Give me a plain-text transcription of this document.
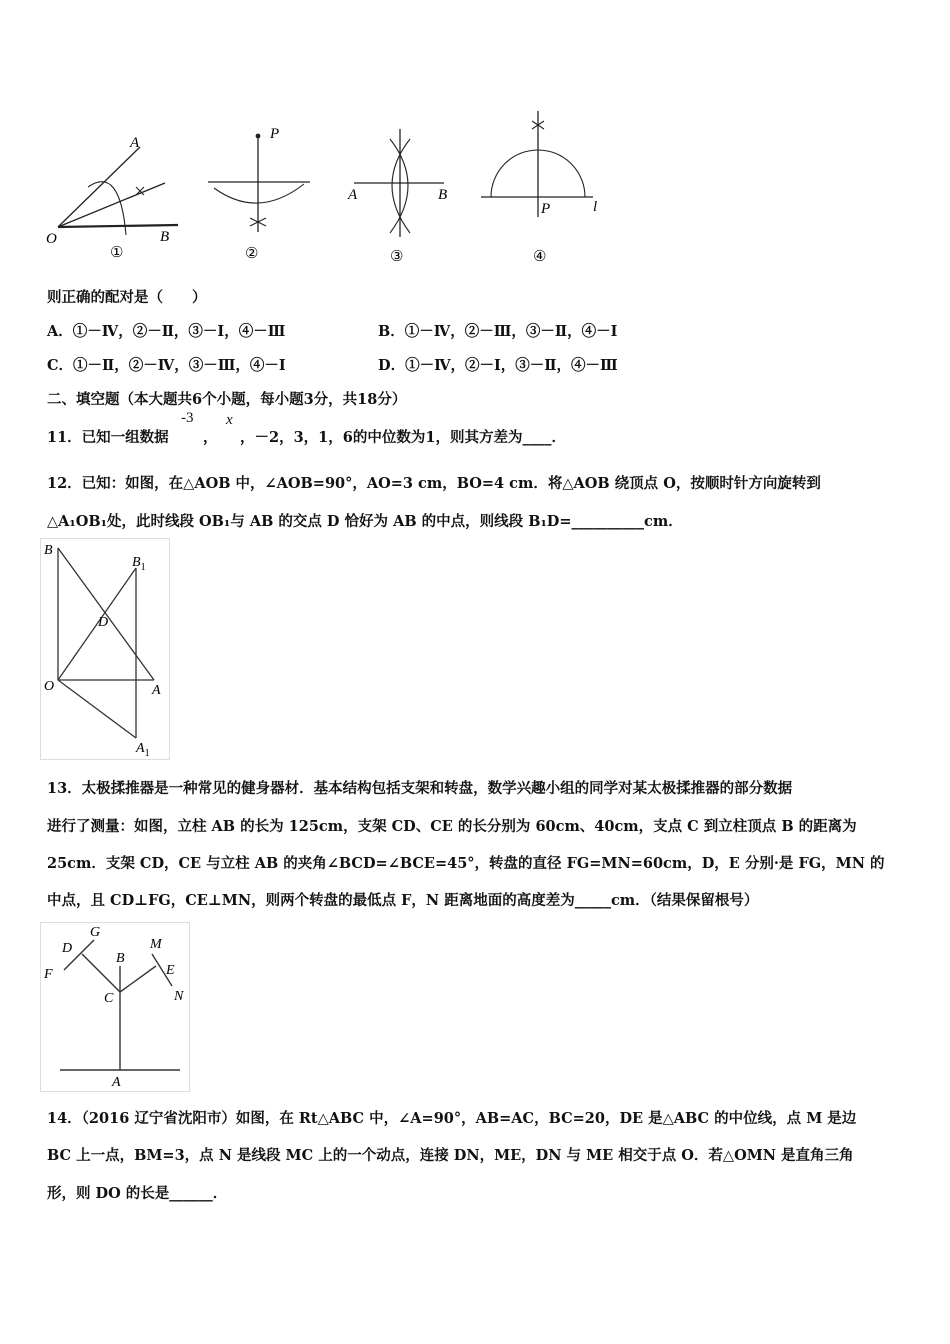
A
O	B
①
P
②
A	B
③
P	l
④
则正确的配对是（　　）
A．①－Ⅳ，②－Ⅱ，③－Ⅰ，④－Ⅲ	B．①－Ⅳ，②－Ⅲ，③－Ⅱ，④－Ⅰ
C．①－Ⅱ，②－Ⅳ，③－Ⅲ，④－Ⅰ	D．①－Ⅳ，②－Ⅰ，③－Ⅱ，④－Ⅲ
二、填空题（本大题共6个小题，每小题3分，共18分）
11．已知一组数据
-3
，
x
，－2，3，1，6的中位数为1，则其方差为____．
12．已知：如图，在△AOB 中，∠AOB=90°，AO=3 cm，BO=4 cm．将△AOB 绕顶点 O，按顺时针方向旋转到
△A₁OB₁处，此时线段 OB₁与 AB 的交点 D 恰好为 AB 的中点，则线段 B₁D=__________cm．
B
$B_1$
D
O	A
$A_1$
13．太极揉推器是一种常见的健身器材．基本结构包括支架和转盘，数学兴趣小组的同学对某太极揉推器的部分数据
进行了测量：如图，立柱 AB 的长为 125cm，支架 CD、CE 的长分别为 60cm、40cm，支点 C 到立柱顶点 B 的距离为
25cm．支架 CD，CE 与立柱 AB 的夹角∠BCD=∠BCE=45°，转盘的直径 FG=MN=60cm，D，E 分别·是 FG，MN 的
中点，且 CD⊥FG，CE⊥MN，则两个转盘的最低点 F，N 距离地面的高度差为_____cm．（结果保留根号）
D
G
B
M
E
F
C	N
A
14．（2016 辽宁省沈阳市）如图，在 Rt△ABC 中，∠A=90°，AB=AC，BC=20，DE 是△ABC 的中位线，点 M 是边
BC 上一点，BM=3，点 N 是线段 MC 上的一个动点，连接 DN，ME，DN 与 ME 相交于点 O．若△OMN 是直角三角
形，则 DO 的长是______．
